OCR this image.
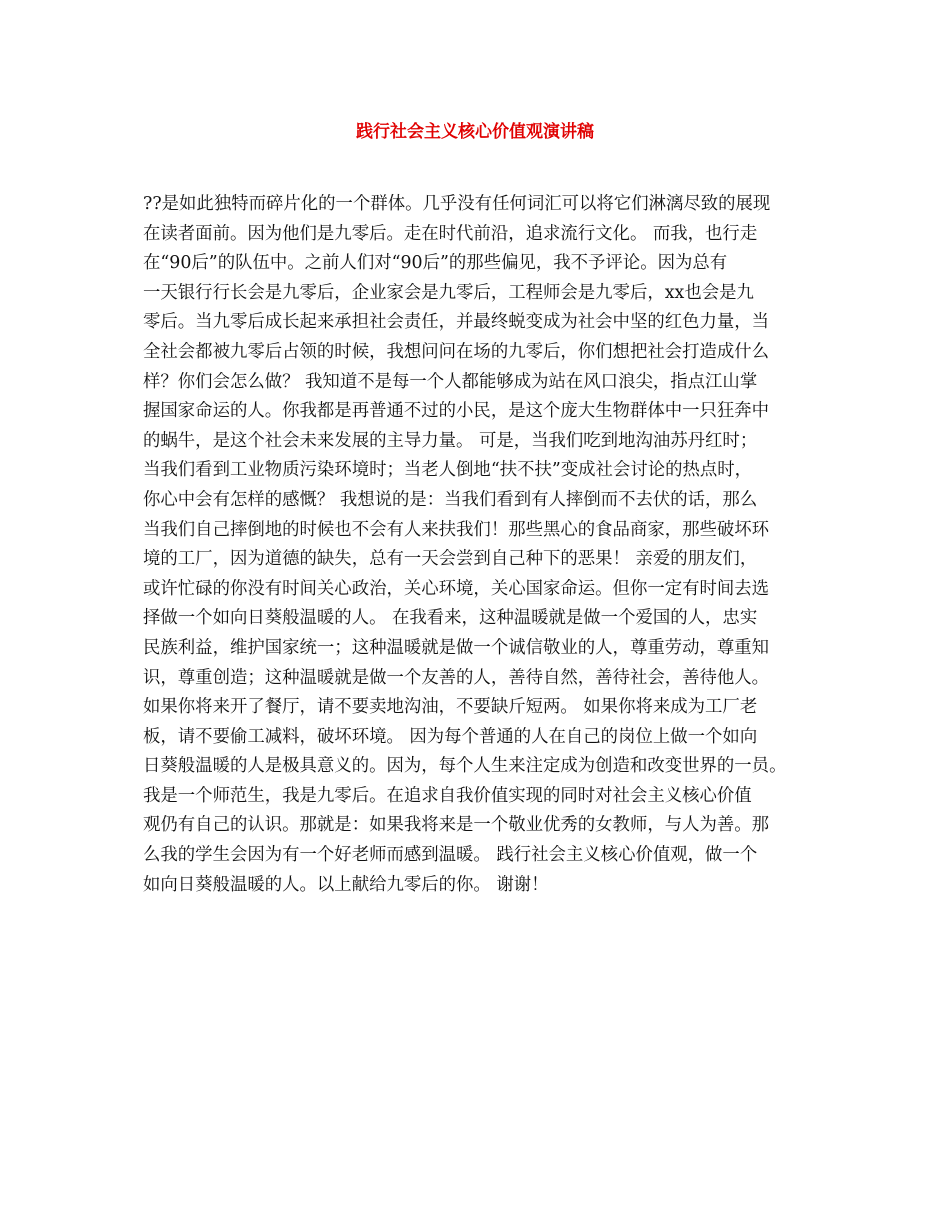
践行社会主义核心价值观演讲稿
??是如此独特而碎片化的一个群体。几乎没有任何词汇可以将它们淋漓尽致的展现
在读者面前。因为他们是九零后。走在时代前沿，追求流行文化。 而我，也行走
在“90后”的队伍中。之前人们对“90后”的那些偏见，我不予评论。因为总有
一天银行行长会是九零后，企业家会是九零后，工程师会是九零后，xx也会是九
零后。当九零后成长起来承担社会责任，并最终蜕变成为社会中坚的红色力量，当
全社会都被九零后占领的时候，我想问问在场的九零后，你们想把社会打造成什么
样？你们会怎么做？ 我知道不是每一个人都能够成为站在风口浪尖，指点江山掌
握国家命运的人。你我都是再普通不过的小民，是这个庞大生物群体中一只狂奔中
的蜗牛，是这个社会未来发展的主导力量。 可是，当我们吃到地沟油苏丹红时；
当我们看到工业物质污染环境时；当老人倒地“扶不扶”变成社会讨论的热点时，
你心中会有怎样的感慨？ 我想说的是：当我们看到有人摔倒而不去伏的话，那么
当我们自己摔倒地的时候也不会有人来扶我们！那些黑心的食品商家，那些破坏环
境的工厂，因为道德的缺失，总有一天会尝到自己种下的恶果！ 亲爱的朋友们，
或许忙碌的你没有时间关心政治，关心环境，关心国家命运。但你一定有时间去选
择做一个如向日葵般温暖的人。 在我看来，这种温暖就是做一个爱国的人，忠实
民族利益，维护国家统一；这种温暖就是做一个诚信敬业的人，尊重劳动，尊重知
识，尊重创造；这种温暖就是做一个友善的人，善待自然，善待社会，善待他人。
如果你将来开了餐厅，请不要卖地沟油，不要缺斤短两。 如果你将来成为工厂老
板，请不要偷工减料，破坏环境。 因为每个普通的人在自己的岗位上做一个如向
日葵般温暖的人是极具意义的。因为，每个人生来注定成为创造和改变世界的一员。
我是一个师范生，我是九零后。在追求自我价值实现的同时对社会主义核心价值
观仍有自己的认识。那就是：如果我将来是一个敬业优秀的女教师，与人为善。那
么我的学生会因为有一个好老师而感到温暖。 践行社会主义核心价值观，做一个
如向日葵般温暖的人。以上献给九零后的你。 谢谢！
